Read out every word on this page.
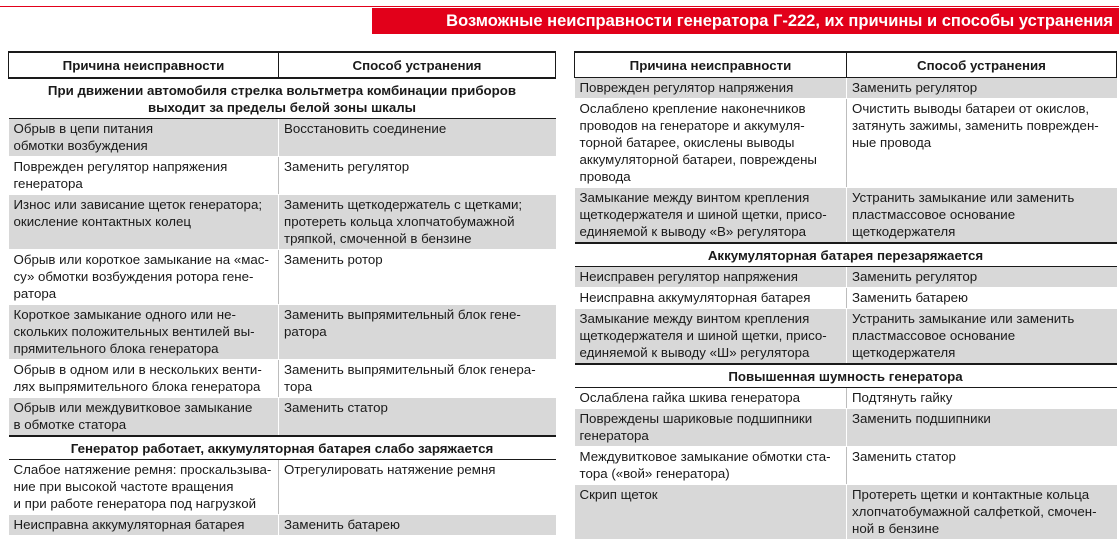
Возможные неисправности генератора Г-222, их причины и способы устранения
Причина неисправности	Способ устранения

При движении автомобиля стрелка вольтметра комбинации приборов
выходит за пределы белой зоны шкалы	

Обрыв в цепи питания
обмотки возбуждения	Восстановить соединение

Поврежден регулятор напряжения
генератора	Заменить регулятор

Износ или зависание щеток генератора;
окисление контактных колец	Заменить щеткодержатель с щетками;
протереть кольца хлопчатобумажной
тряпкой, смоченной в бензине

Обрыв или короткое замыкание на «мас-
су» обмотки возбуждения ротора гене-
ратора	Заменить ротор

Короткое замыкание одного или не-
скольких положительных вентилей вы-
прямительного блока генератора	Заменить выпрямительный блок гене-
ратора

Обрыв в одном или в нескольких венти-
лях выпрямительного блока генератора	Заменить выпрямительный блок генера-
тора

Обрыв или междувитковое замыкание
в обмотке статора	Заменить статор

Генератор работает, аккумуляторная батарея слабо заряжается	

Слабое натяжение ремня: проскальзыва-
ние при высокой частоте вращения
и при работе генератора под нагрузкой	Отрегулировать натяжение ремня

Неисправна аккумуляторная батарея	Заменить батарею
Причина неисправности	Способ устранения

Поврежден регулятор напряжения	Заменить регулятор

Ослаблено крепление наконечников
проводов на генераторе и аккумуля-
торной батарее, окислены выводы
аккумуляторной батареи, повреждены
провода	Очистить выводы батареи от окислов,
затянуть зажимы, заменить поврежден-
ные провода

Замыкание между винтом крепления
щеткодержателя и шиной щетки, присо-
единяемой к выводу «В» регулятора	Устранить замыкание или заменить
пластмассовое основание
щеткодержателя

Аккумуляторная батарея перезаряжается	

Неисправен регулятор напряжения	Заменить регулятор

Неисправна аккумуляторная батарея	Заменить батарею

Замыкание между винтом крепления
щеткодержателя и шиной щетки, присо-
единяемой к выводу «Ш» регулятора	Устранить замыкание или заменить
пластмассовое основание
щеткодержателя

Повышенная шумность генератора	

Ослаблена гайка шкива генератора	Подтянуть гайку

Повреждены шариковые подшипники
генератора	Заменить подшипники

Междувитковое замыкание обмотки ста-
тора («вой» генератора)	Заменить статор

Скрип щеток	Протереть щетки и контактные кольца
хлопчатобумажной салфеткой, смочен-
ной в бензине
